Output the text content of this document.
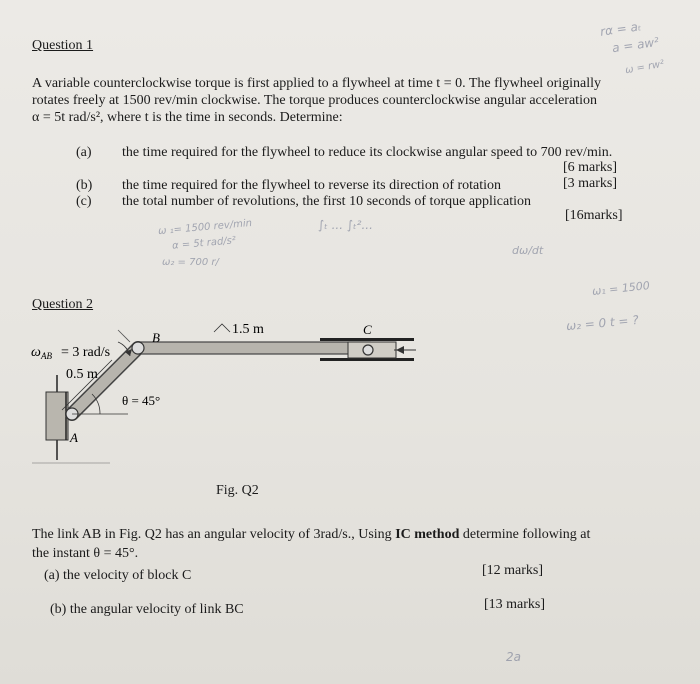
rα = aₜ
a = aw²
ω = rw²
ω ₁= 1500 rev/min
α = 5t rad/s²
ω₂ = 700 r/
∫ₜ ... ∫ₜ²...
dω/dt
ω₁ = 1500
ω₂ = 0 t = ?
2a
Question 1
A variable counterclockwise torque is first applied to a flywheel at time t = 0. The flywheel originally
rotates freely at 1500 rev/min clockwise. The torque produces counterclockwise angular acceleration
α = 5t rad/s², where t is the time in seconds. Determine:
(a) the time required for the flywheel to reduce its clockwise angular speed to 700 rev/min.
[6 marks]
(b) the time required for the flywheel to reverse its direction of rotation	[3 marks]
(c) the total number of revolutions, the first 10 seconds of torque application
[16marks]
Question 2
B
C
A
1.5 m
0.5 m
θ = 45°
ω AB = 3 rad/s
Fig. Q2
The link AB in Fig. Q2 has an angular velocity of 3rad/s., Using IC method determine following at
the instant θ = 45°.
(a) the velocity of block C	[12 marks]
(b) the angular velocity of link BC	[13 marks]
